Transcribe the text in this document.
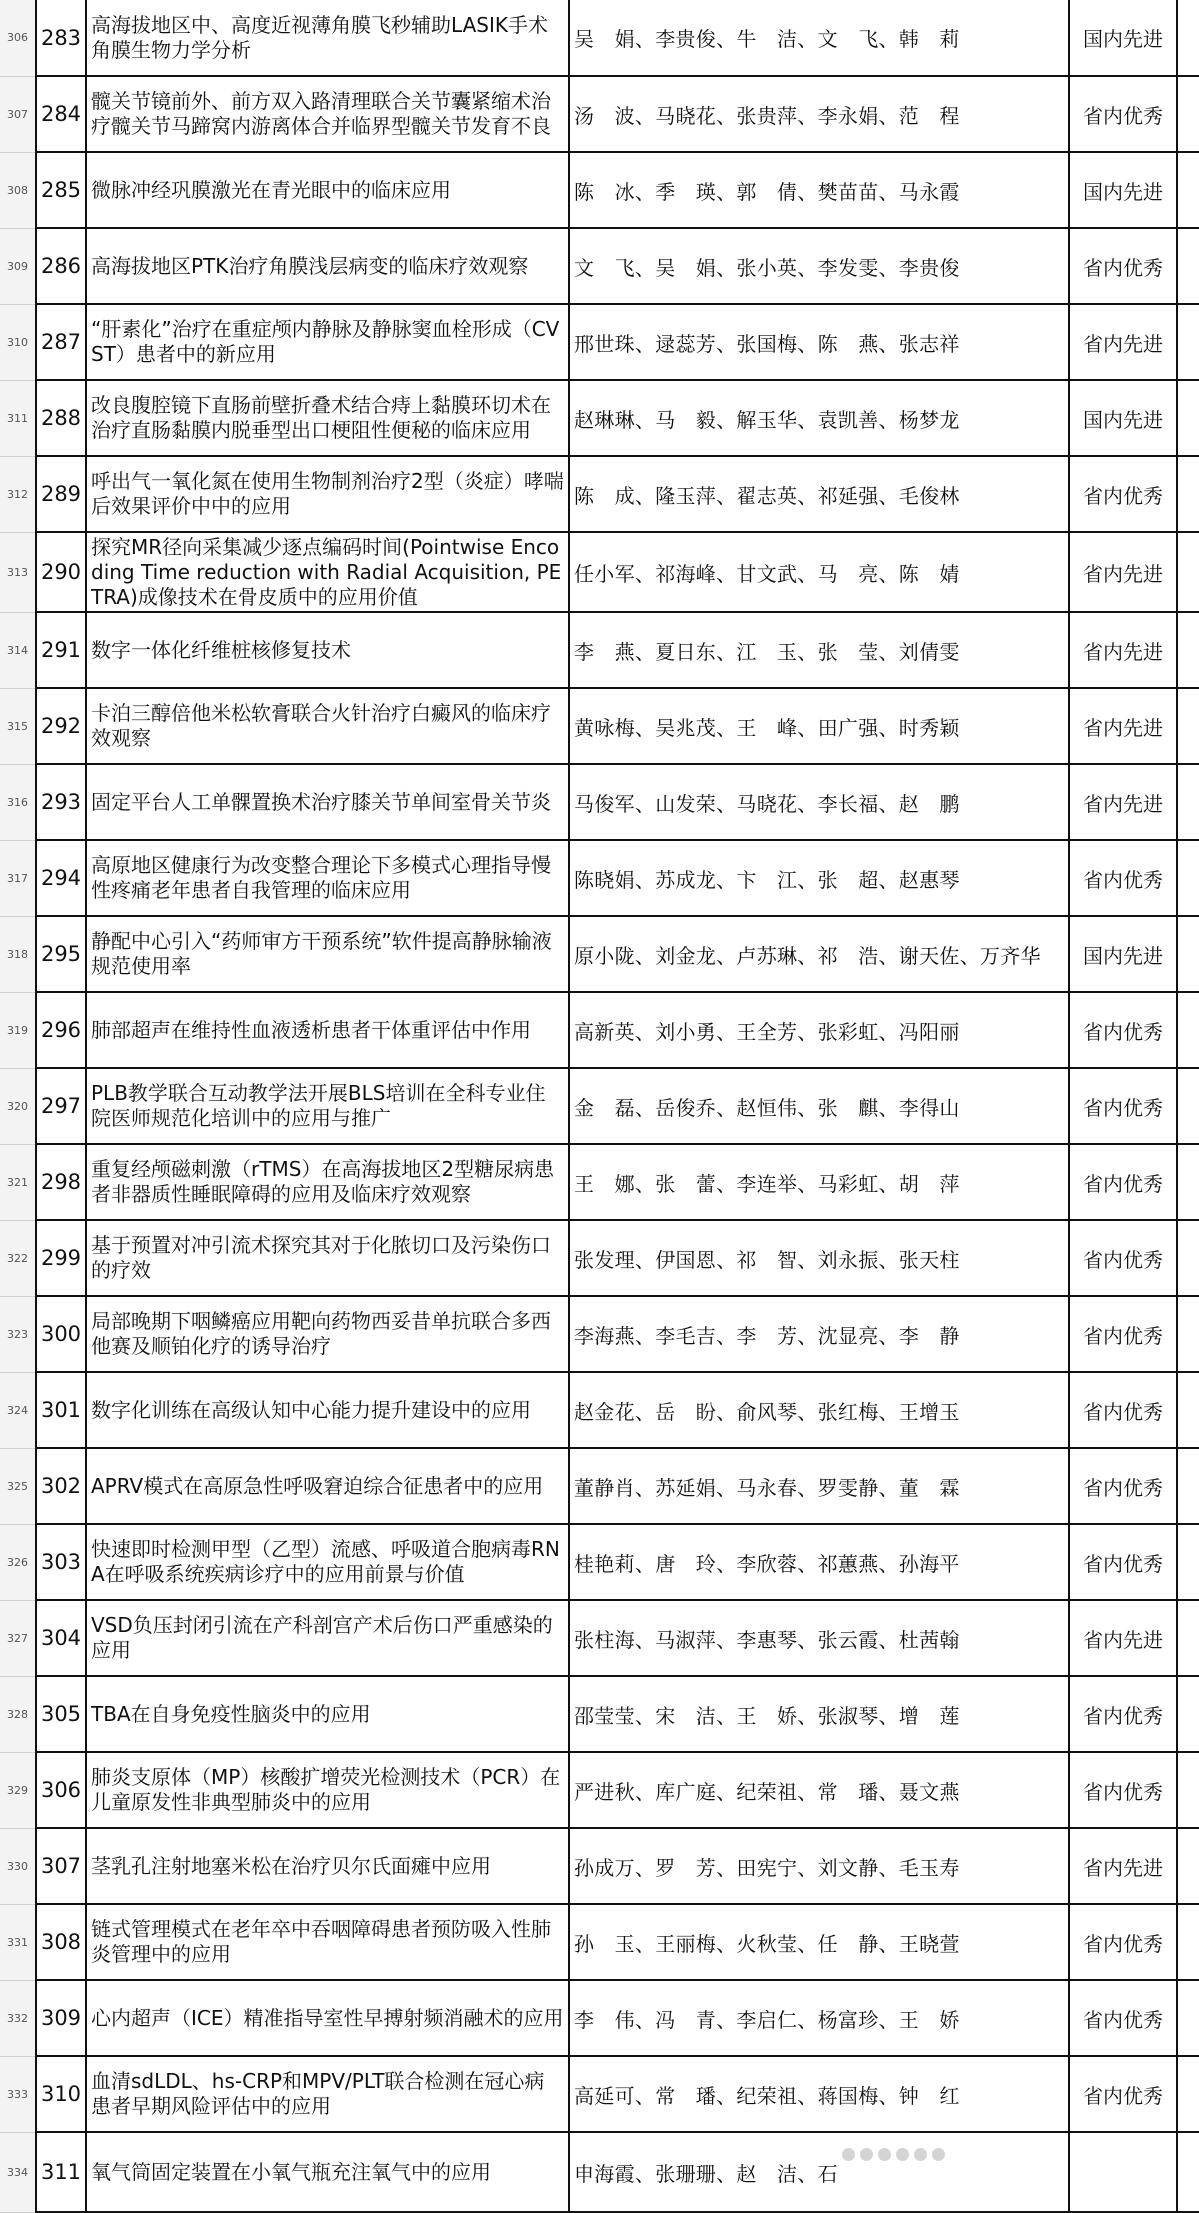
306	283	高海拔地区中、高度近视薄角膜飞秒辅助LASIK手术角膜生物力学分析	吴　娟、李贵俊、牛　洁、文　飞、韩　莉	国内先进	
307	284	髋关节镜前外、前方双入路清理联合关节囊紧缩术治疗髋关节马蹄窝内游离体合并临界型髋关节发育不良	汤　波、马晓花、张贵萍、李永娟、范　程	省内优秀	
308	285	微脉冲经巩膜激光在青光眼中的临床应用	陈　冰、季　瑛、郭　倩、樊苗苗、马永霞	国内先进	
309	286	高海拔地区PTK治疗角膜浅层病变的临床疗效观察	文　飞、吴　娟、张小英、李发雯、李贵俊	省内优秀	
310	287	“肝素化”治疗在重症颅内静脉及静脉窦血栓形成（CVST）患者中的新应用	邢世珠、逯蕊芳、张国梅、陈　燕、张志祥	省内先进	
311	288	改良腹腔镜下直肠前壁折叠术结合痔上黏膜环切术在治疗直肠黏膜内脱垂型出口梗阻性便秘的临床应用	赵琳琳、马　毅、解玉华、袁凯善、杨梦龙	国内先进	
312	289	呼出气一氧化氮在使用生物制剂治疗2型（炎症）哮喘后效果评价中中的应用	陈　成、隆玉萍、翟志英、祁延强、毛俊林	省内优秀	
313	290	探究MR径向采集减少逐点编码时间(Pointwise Encoding Time reduction with Radial Acquisition, PETRA)成像技术在骨皮质中的应用价值	任小军、祁海峰、甘文武、马　亮、陈　婧	省内先进	
314	291	数字一体化纤维桩核修复技术	李　燕、夏日东、江　玉、张　莹、刘倩雯	省内先进	
315	292	卡泊三醇倍他米松软膏联合火针治疗白癜风的临床疗效观察	黄咏梅、吴兆茂、王　峰、田广强、时秀颖	省内先进	
316	293	固定平台人工单髁置换术治疗膝关节单间室骨关节炎	马俊军、山发荣、马晓花、李长福、赵　鹏	省内先进	
317	294	高原地区健康行为改变整合理论下多模式心理指导慢性疼痛老年患者自我管理的临床应用	陈晓娟、苏成龙、卞　江、张　超、赵惠琴	省内优秀	
318	295	静配中心引入“药师审方干预系统”软件提高静脉输液规范使用率	原小陇、刘金龙、卢苏琳、祁　浩、谢天佐、万齐华	国内先进	
319	296	肺部超声在维持性血液透析患者干体重评估中作用	高新英、刘小勇、王全芳、张彩虹、冯阳丽	省内优秀	
320	297	PLB教学联合互动教学法开展BLS培训在全科专业住院医师规范化培训中的应用与推广	金　磊、岳俊乔、赵恒伟、张　麒、李得山	省内优秀	
321	298	重复经颅磁刺激（rTMS）在高海拔地区2型糖尿病患者非器质性睡眠障碍的应用及临床疗效观察	王　娜、张　蕾、李连举、马彩虹、胡　萍	省内优秀	
322	299	基于预置对冲引流术探究其对于化脓切口及污染伤口的疗效	张发理、伊国恩、祁　智、刘永振、张天柱	省内优秀	
323	300	局部晚期下咽鳞癌应用靶向药物西妥昔单抗联合多西他赛及顺铂化疗的诱导治疗	李海燕、李毛吉、李　芳、沈显亮、李　静	省内优秀	
324	301	数字化训练在高级认知中心能力提升建设中的应用	赵金花、岳　盼、俞风琴、张红梅、王增玉	省内优秀	
325	302	APRV模式在高原急性呼吸窘迫综合征患者中的应用	董静肖、苏延娟、马永春、罗雯静、董　霖	省内优秀	
326	303	快速即时检测甲型（乙型）流感、呼吸道合胞病毒RNA在呼吸系统疾病诊疗中的应用前景与价值	桂艳莉、唐　玲、李欣蓉、祁蕙燕、孙海平	省内优秀	
327	304	VSD负压封闭引流在产科剖宫产术后伤口严重感染的应用	张柱海、马淑萍、李惠琴、张云霞、杜茜翰	省内先进	
328	305	TBA在自身免疫性脑炎中的应用	邵莹莹、宋　洁、王　娇、张淑琴、增　莲	省内优秀	
329	306	肺炎支原体（MP）核酸扩增荧光检测技术（PCR）在儿童原发性非典型肺炎中的应用	严进秋、库广庭、纪荣祖、常　璠、聂文燕	省内优秀	
330	307	茎乳孔注射地塞米松在治疗贝尔氏面瘫中应用	孙成万、罗　芳、田宪宁、刘文静、毛玉寿	省内先进	
331	308	链式管理模式在老年卒中吞咽障碍患者预防吸入性肺炎管理中的应用	孙　玉、王丽梅、火秋莹、任　静、王晓萱	省内优秀	
332	309	心内超声（ICE）精准指导室性早搏射频消融术的应用	李　伟、冯　青、李启仁、杨富珍、王　娇	省内优秀	
333	310	血清sdLDL、hs-CRP和MPV/PLT联合检测在冠心病患者早期风险评估中的应用	高延可、常　璠、纪荣祖、蒋国梅、钟　红	省内优秀	
334	311	氧气筒固定装置在小氧气瓶充注氧气中的应用	申海霞、张珊珊、赵　洁、石		
